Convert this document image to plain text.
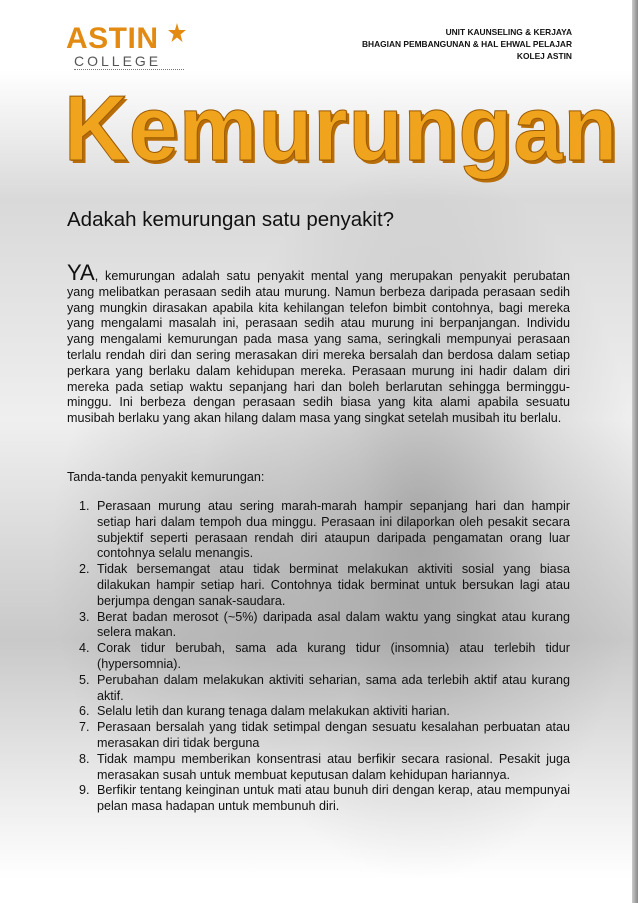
ASTIN
COLLEGE
UNIT KAUNSELING & KERJAYA
BHAGIAN PEMBANGUNAN & HAL EHWAL PELAJAR
KOLEJ ASTIN
Kemurungan
Adakah kemurungan satu penyakit?
YA, kemurungan adalah satu penyakit mental yang merupakan penyakit perubatan yang melibatkan perasaan sedih atau murung. Namun berbeza daripada perasaan sedih yang mungkin dirasakan apabila kita kehilangan telefon bimbit contohnya, bagi mereka yang mengalami masalah ini, perasaan sedih atau murung ini berpanjangan. Individu yang mengalami kemurungan pada masa yang sama, seringkali mempunyai perasaan terlalu rendah diri dan sering merasakan diri mereka bersalah dan berdosa dalam setiap perkara yang berlaku dalam kehidupan mereka. Perasaan murung ini hadir dalam diri mereka pada setiap waktu sepanjang hari dan boleh berlarutan sehingga berminggu-minggu. Ini berbeza dengan perasaan sedih biasa yang kita alami apabila sesuatu musibah berlaku yang akan hilang dalam masa yang singkat setelah musibah itu berlalu.
Tanda-tanda penyakit kemurungan:
1. Perasaan murung atau sering marah-marah hampir sepanjang hari dan hampir setiap hari dalam tempoh dua minggu. Perasaan ini dilaporkan oleh pesakit secara subjektif seperti perasaan rendah diri ataupun daripada pengamatan orang luar contohnya selalu menangis.
2. Tidak bersemangat atau tidak berminat melakukan aktiviti sosial yang biasa dilakukan hampir setiap hari. Contohnya tidak berminat untuk bersukan lagi atau berjumpa dengan sanak-saudara.
3. Berat badan merosot (~5%) daripada asal dalam waktu yang singkat atau kurang selera makan.
4. Corak tidur berubah, sama ada kurang tidur (insomnia) atau terlebih tidur (hypersomnia).
5. Perubahan dalam melakukan aktiviti seharian, sama ada terlebih aktif atau kurang aktif.
6. Selalu letih dan kurang tenaga dalam melakukan aktiviti harian.
7. Perasaan bersalah yang tidak setimpal dengan sesuatu kesalahan perbuatan atau merasakan diri tidak berguna
8. Tidak mampu memberikan konsentrasi atau berfikir secara rasional. Pesakit juga merasakan susah untuk membuat keputusan dalam kehidupan hariannya.
9. Berfikir tentang keinginan untuk mati atau bunuh diri dengan kerap, atau mempunyai pelan masa hadapan untuk membunuh diri.
